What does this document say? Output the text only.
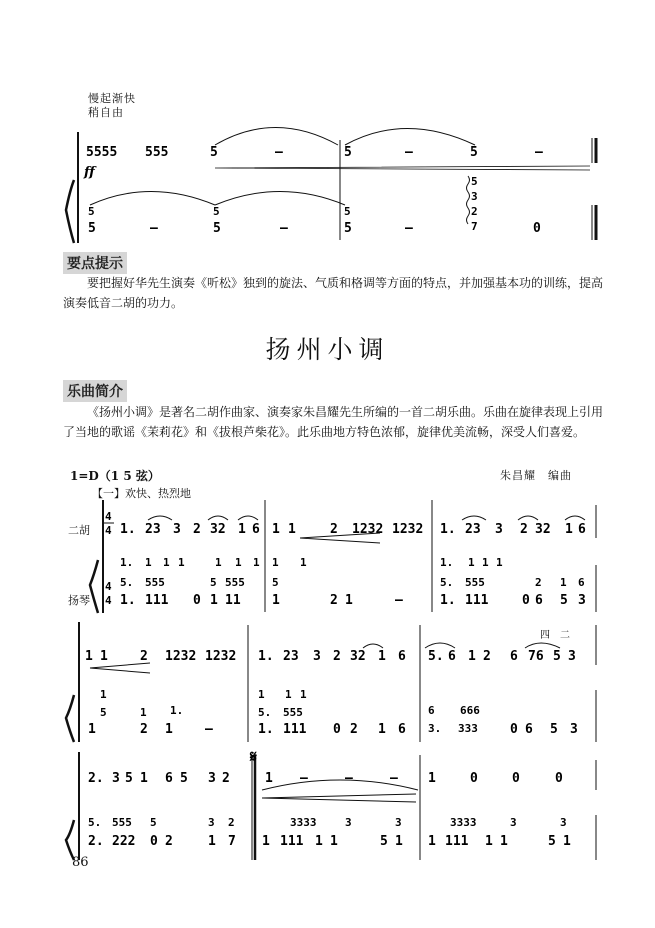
慢起渐快
稍自由
5555 555	5	–	5	–	5	–
ff
5	5	5
5
3
2
7
5	–	5	–	5	–	0
要点提示
要把握好华先生演奏《听松》独到的旋法、气质和格调等方面的特点，并加强基本功的训练，提高演奏低音二胡的功力。
扬州小调
乐曲简介
《扬州小调》是著名二胡作曲家、演奏家朱昌耀先生所编的一首二胡乐曲。乐曲在旋律表现上引用了当地的歌谣《茉莉花》和《拔根芦柴花》。此乐曲地方特色浓郁，旋律优美流畅，深受人们喜爱。
1=D（1 5 弦）	朱昌耀　编曲
【一】欢快、热烈地
二胡
扬琴
4
4
4
4
1. 23 3 2 32 1 6 1 1	2 1232 1232 1. 23 3 2 32 1 6
1. 1 1 1	1 1 1 1 1	1. 1 1 1
5. 555	5 555 5	5. 555	2 1 6
1. 111 0 1 11 1	2 1	–	1. 111	0 6 5 3
1 1 2 1232 1232 1. 23 3 2 32 1 6 5. 6 1 2 6 76 5 3
四　二
1
1.
1 1 1
6 666
5	1	5. 555
3. 333
1	2 1 –	1. 111 0 2 1 6	0 6 5 3
2. 3 5 1 6 5 3 2	1 –	–	– 1	0	0	0
𝄋
5. 555 5	3 2	3333	3	3	3333	3	3
2. 222 0 2	1 7 1 111 1 1	5 1 1 111 1 1	5 1
86
